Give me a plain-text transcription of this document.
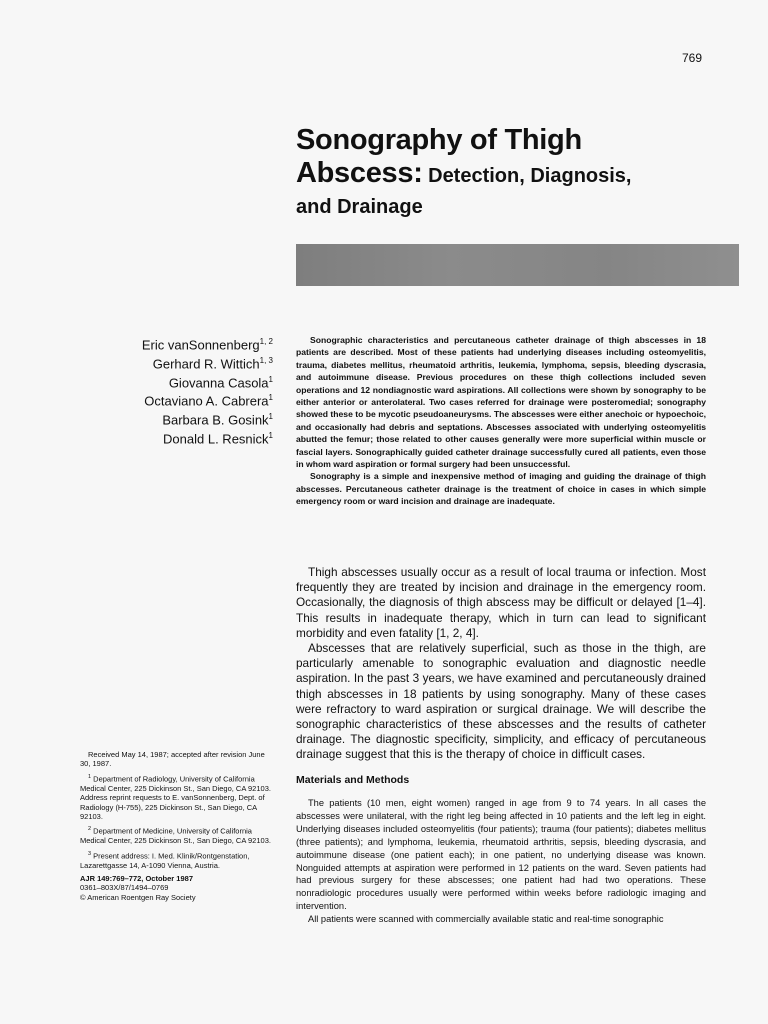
769
Sonography of Thigh
Abscess: Detection, Diagnosis,
and Drainage
Eric vanSonnenberg$^{1, 2}$
Gerhard R. Wittich$^{1, 3}$
Giovanna Casola$^1$
Octaviano A. Cabrera$^1$
Barbara B. Gosink$^1$
Donald L. Resnick$^1$

Sonographic characteristics and percutaneous catheter drainage of thigh abscesses in 18 patients are described. Most of these patients had underlying diseases including osteomyelitis, trauma, diabetes mellitus, rheumatoid arthritis, leukemia, lymphoma, sepsis, bleeding dyscrasia, and autoimmune disease. Previous procedures on these thigh collections included seven operations and 12 nondiagnostic ward aspirations. All collections were shown by sonography to be either anterior or anterolateral. Two cases referred for drainage were posteromedial; sonography showed these to be mycotic pseudoaneurysms. The abscesses were either anechoic or hypoechoic, and occasionally had debris and septations. Abscesses associated with underlying osteomyelitis abutted the femur; those related to other causes generally were more superficial within muscle or fascial layers. Sonographically guided catheter drainage successfully cured all patients, even those in whom ward aspiration or formal surgery had been unsuccessful.

Sonography is a simple and inexpensive method of imaging and guiding the drainage of thigh abscesses. Percutaneous catheter drainage is the treatment of choice in cases in which simple emergency room or ward incision and drainage are inadequate.

Thigh abscesses usually occur as a result of local trauma or infection. Most frequently they are treated by incision and drainage in the emergency room. Occasionally, the diagnosis of thigh abscess may be difficult or delayed [1–4]. This results in inadequate therapy, which in turn can lead to significant morbidity and even fatality [1, 2, 4].

Abscesses that are relatively superficial, such as those in the thigh, are particularly amenable to sonographic evaluation and diagnostic needle aspiration. In the past 3 years, we have examined and percutaneously drained thigh abscesses in 18 patients by using sonography. Many of these cases were refractory to ward aspiration or surgical drainage. We will describe the sonographic characteristics of these abscesses and the results of catheter drainage. The diagnostic specificity, simplicity, and efficacy of percutaneous drainage suggest that this is the therapy of choice in difficult cases.

Materials and Methods

The patients (10 men, eight women) ranged in age from 9 to 74 years. In all cases the abscesses were unilateral, with the right leg being affected in 10 patients and the left leg in eight. Underlying diseases included osteomyelitis (four patients); trauma (four patients); diabetes mellitus (three patients); and lymphoma, leukemia, rheumatoid arthritis, sepsis, bleeding dyscrasia, and autoimmune disease (one patient each); in one patient, no underlying disease was known. Nonguided attempts at aspiration were performed in 12 patients on the ward. Seven patients had had previous surgery for these abscesses; one patient had had two operations. These nonradiologic procedures usually were performed within weeks before radiologic imaging and intervention.

All patients were scanned with commercially available static and real-time sonographic

Received May 14, 1987; accepted after revision June 30, 1987.

$^1$ Department of Radiology, University of California Medical Center, 225 Dickinson St., San Diego, CA 92103. Address reprint requests to E. vanSonnenberg, Dept. of Radiology (H-755), 225 Dickinson St., San Diego, CA 92103.

$^2$ Department of Medicine, University of California Medical Center, 225 Dickinson St., San Diego, CA 92103.

$^3$ Present address: I. Med. Klinik/Rontgenstation, Lazarettgasse 14, A-1090 Vienna, Austria.

AJR 149:769–772, October 1987
0361–803X/87/1494–0769
© American Roentgen Ray Society
